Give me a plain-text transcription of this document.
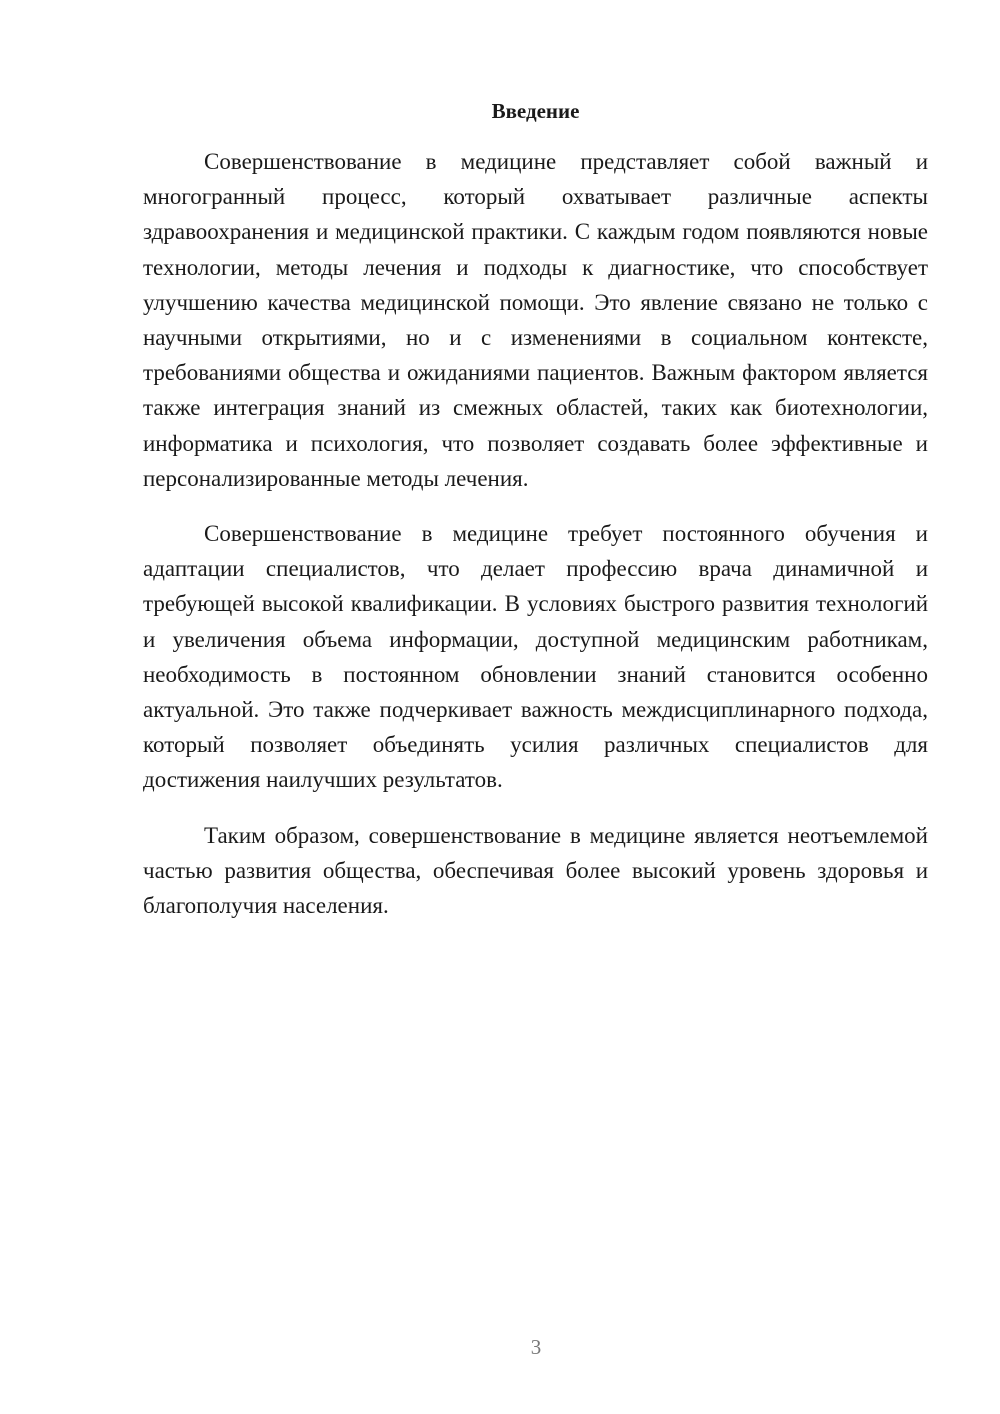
Введение

Совершенствование в медицине представляет собой важный и многогранный процесс, который охватывает различные аспекты здравоохранения и медицинской практики. С каждым годом появляются новые технологии, методы лечения и подходы к диагностике, что способствует улучшению качества медицинской помощи. Это явление связано не только с научными открытиями, но и с изменениями в социальном контексте, требованиями общества и ожиданиями пациентов. Важным фактором является также интеграция знаний из смежных областей, таких как биотехнологии, информатика и психология, что позволяет создавать более эффективные и персонализированные методы лечения.

Совершенствование в медицине требует постоянного обучения и адаптации специалистов, что делает профессию врача динамичной и требующей высокой квалификации. В условиях быстрого развития технологий и увеличения объема информации, доступной медицинским работникам, необходимость в постоянном обновлении знаний становится особенно актуальной. Это также подчеркивает важность междисциплинарного подхода, который позволяет объединять усилия различных специалистов для достижения наилучших результатов.

Таким образом, совершенствование в медицине является неотъемлемой частью развития общества, обеспечивая более высокий уровень здоровья и благополучия населения.

3
